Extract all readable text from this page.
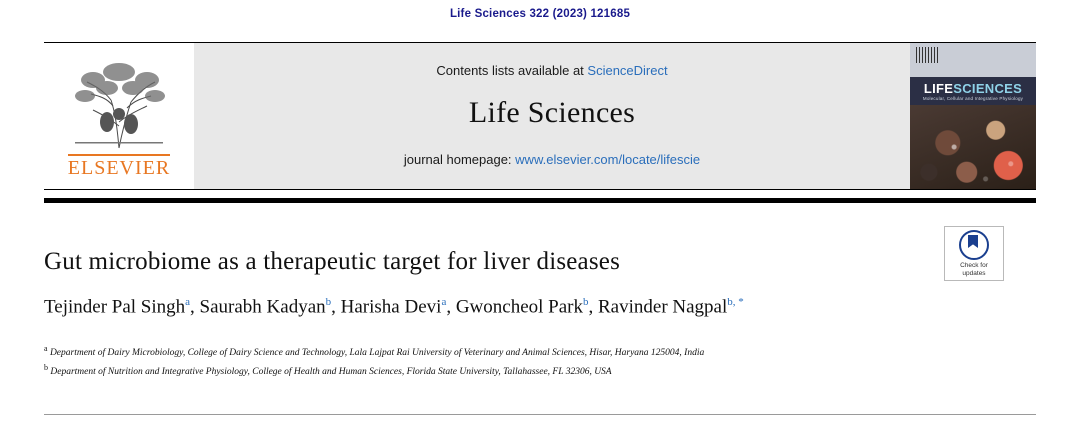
Life Sciences 322 (2023) 121685
ELSEVIER
Contents lists available at ScienceDirect
Life Sciences
journal homepage: www.elsevier.com/locate/lifescie
LIFESCIENCES
Molecular, Cellular and Integrative Physiology
Check for
updates
Gut microbiome as a therapeutic target for liver diseases
Tejinder Pal Singh$^a$, Saurabh Kadyan$^b$, Harisha Devi$^a$, Gwoncheol Park$^b$, Ravinder Nagpal$^{b, *}$
$^a$ Department of Dairy Microbiology, College of Dairy Science and Technology, Lala Lajpat Rai University of Veterinary and Animal Sciences, Hisar, Haryana 125004, India
$^b$ Department of Nutrition and Integrative Physiology, College of Health and Human Sciences, Florida State University, Tallahassee, FL 32306, USA
